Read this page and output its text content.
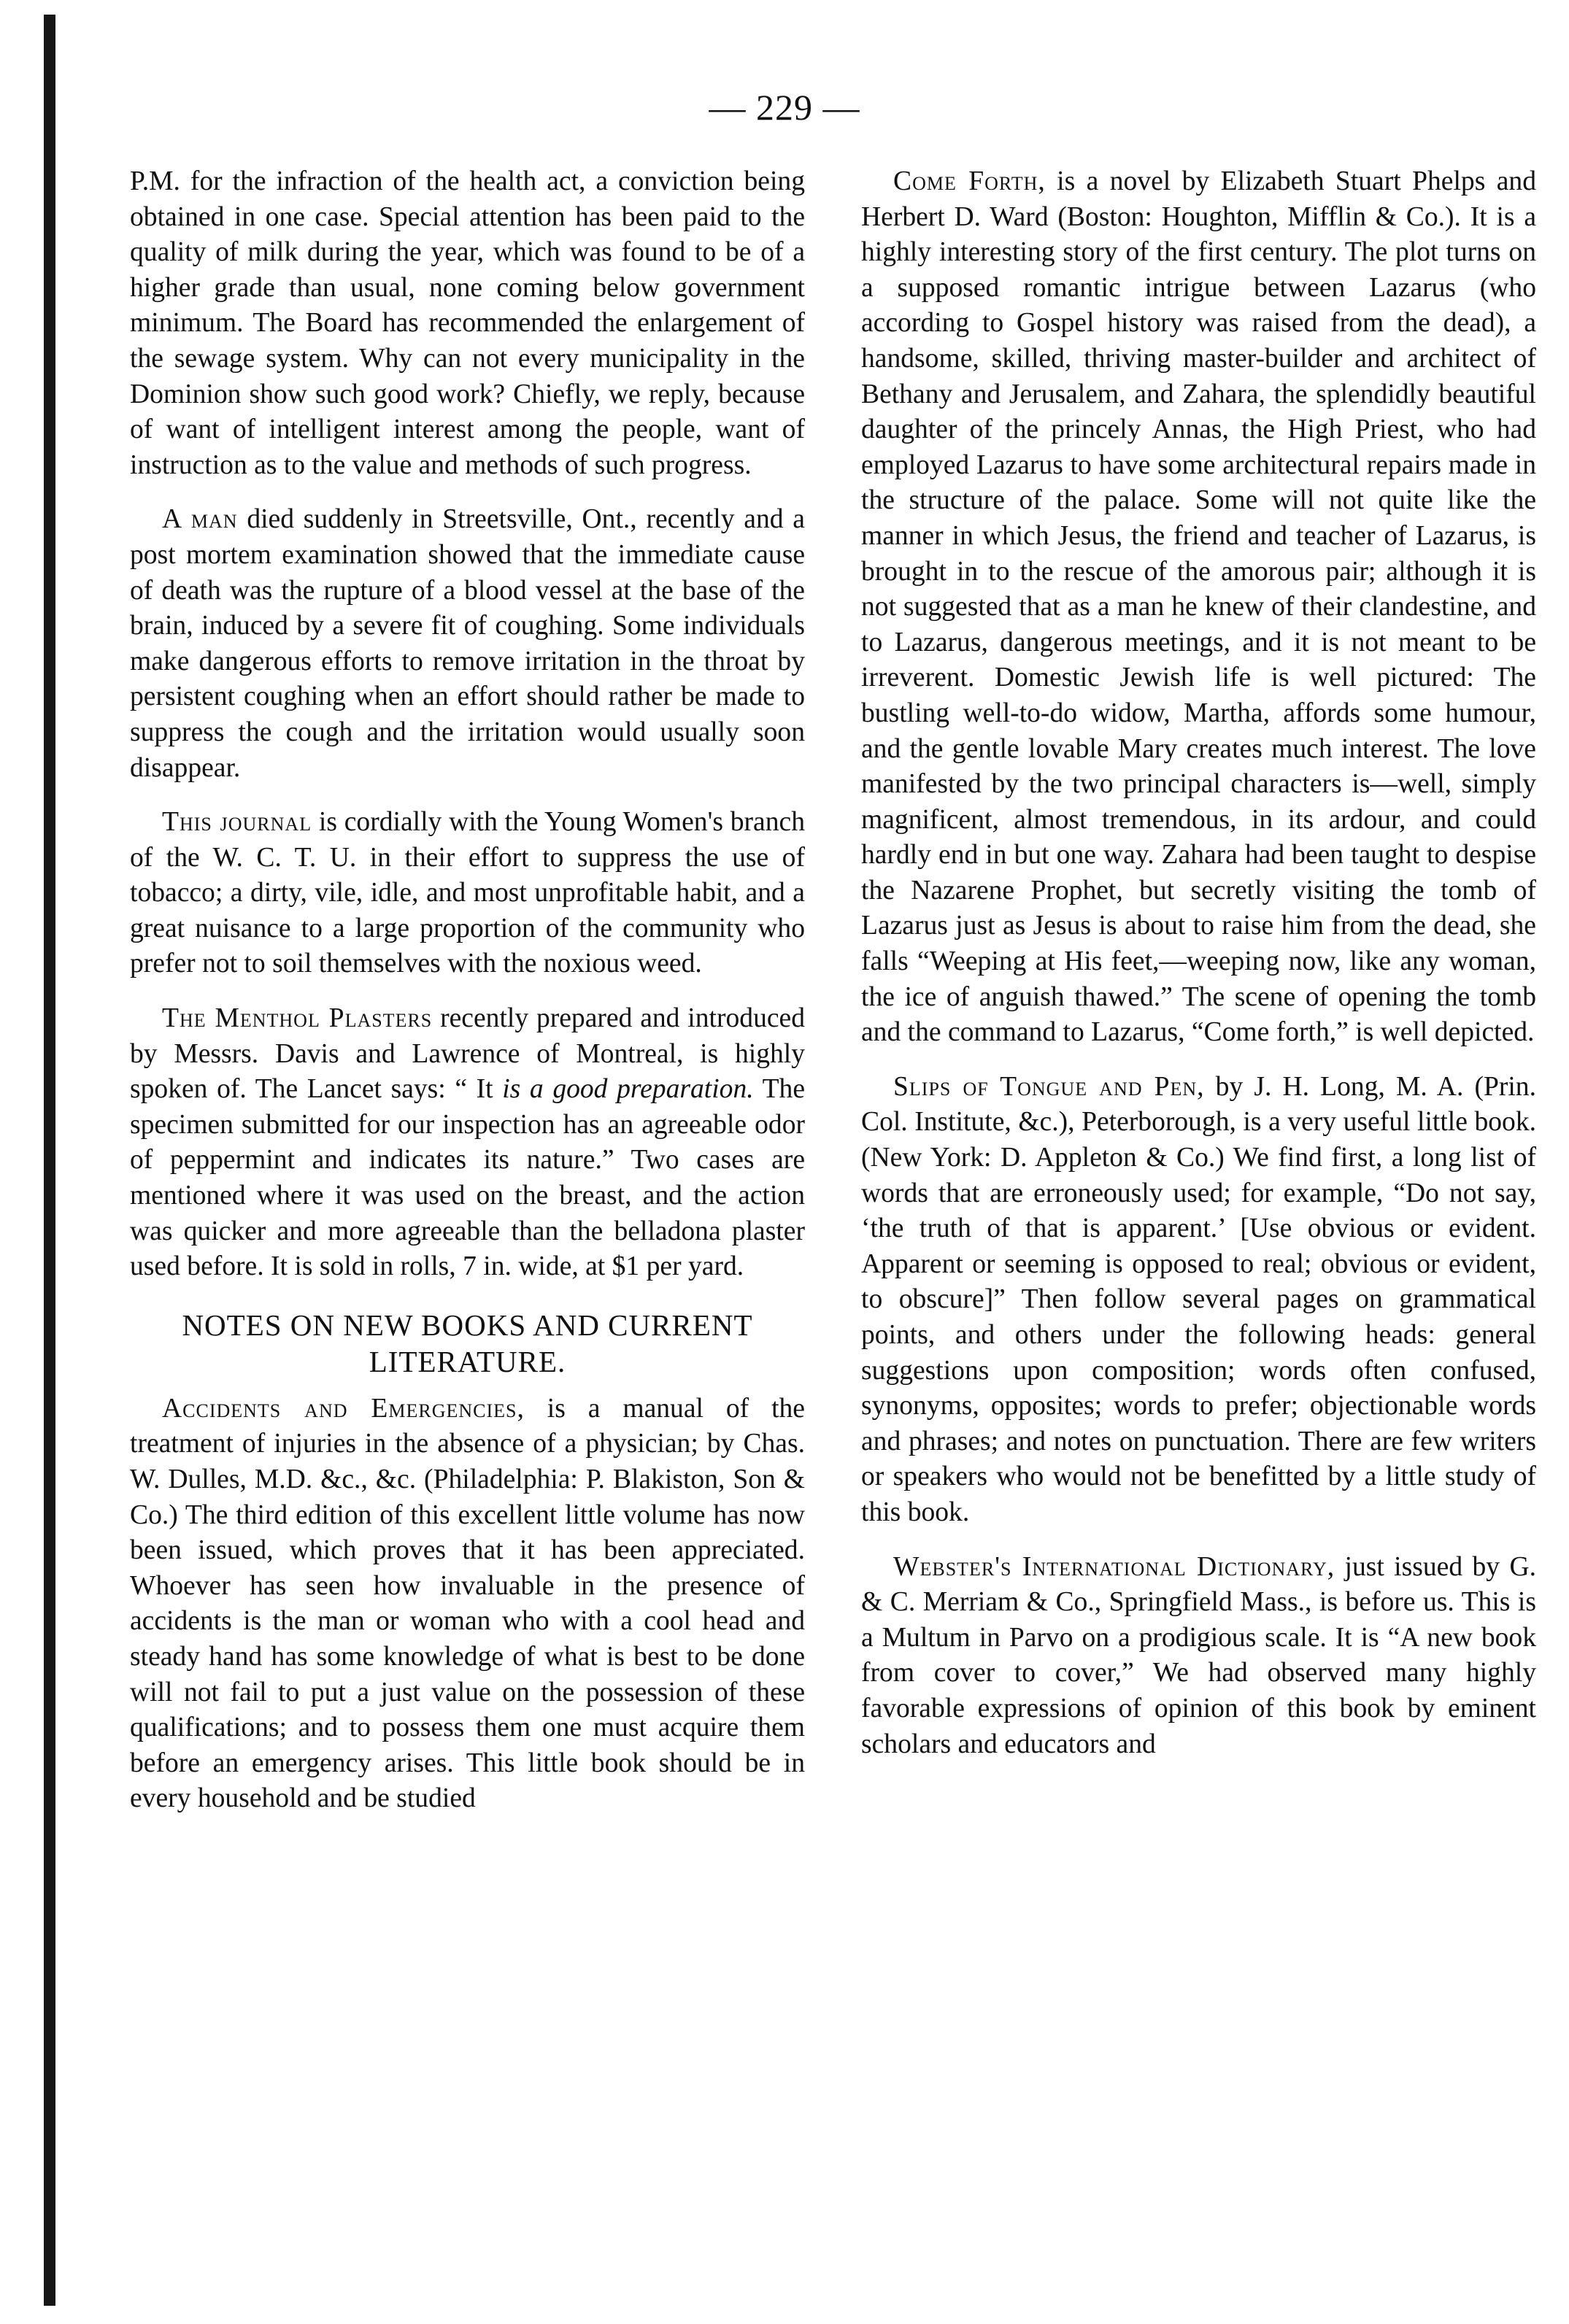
— 229 —

P.M. for the infraction of the health act, a conviction being obtained in one case. Special attention has been paid to the quality of milk during the year, which was found to be of a higher grade than usual, none coming below government minimum. The Board has recommended the enlargement of the sewage system. Why can not every municipality in the Dominion show such good work? Chiefly, we reply, because of want of intelligent interest among the people, want of instruction as to the value and methods of such progress.

A man died suddenly in Streetsville, Ont., recently and a post mortem examination showed that the immediate cause of death was the rupture of a blood vessel at the base of the brain, induced by a severe fit of coughing. Some individuals make dangerous efforts to remove irritation in the throat by persistent coughing when an effort should rather be made to suppress the cough and the irritation would usually soon disappear.

This journal is cordially with the Young Women's branch of the W. C. T. U. in their effort to suppress the use of tobacco; a dirty, vile, idle, and most unprofitable habit, and a great nuisance to a large proportion of the community who prefer not to soil themselves with the noxious weed.

The Menthol Plasters recently prepared and introduced by Messrs. Davis and Lawrence of Montreal, is highly spoken of. The Lancet says: “ It is a good preparation. The specimen submitted for our inspection has an agreeable odor of peppermint and indicates its nature.” Two cases are mentioned where it was used on the breast, and the action was quicker and more agreeable than the belladona plaster used before. It is sold in rolls, 7 in. wide, at $1 per yard.

NOTES ON NEW BOOKS AND CURRENT LITERATURE.

Accidents and Emergencies, is a manual of the treatment of injuries in the absence of a physician; by Chas. W. Dulles, M.D. &c., &c. (Philadelphia: P. Blakiston, Son & Co.) The third edition of this excellent little volume has now been issued, which proves that it has been appreciated. Whoever has seen how invaluable in the presence of accidents is the man or woman who with a cool head and steady hand has some knowledge of what is best to be done will not fail to put a just value on the possession of these qualifications; and to possess them one must acquire them before an emergency arises. This little book should be in every household and be studied

Come Forth, is a novel by Elizabeth Stuart Phelps and Herbert D. Ward (Boston: Houghton, Mifflin & Co.). It is a highly interesting story of the first century. The plot turns on a supposed romantic intrigue between Lazarus (who according to Gospel history was raised from the dead), a handsome, skilled, thriving master-builder and architect of Bethany and Jerusalem, and Zahara, the splendidly beautiful daughter of the princely Annas, the High Priest, who had employed Lazarus to have some architectural repairs made in the structure of the palace. Some will not quite like the manner in which Jesus, the friend and teacher of Lazarus, is brought in to the rescue of the amorous pair; although it is not suggested that as a man he knew of their clandestine, and to Lazarus, dangerous meetings, and it is not meant to be irreverent. Domestic Jewish life is well pictured: The bustling well-to-do widow, Martha, affords some humour, and the gentle lovable Mary creates much interest. The love manifested by the two principal characters is—well, simply magnificent, almost tremendous, in its ardour, and could hardly end in but one way. Zahara had been taught to despise the Nazarene Prophet, but secretly visiting the tomb of Lazarus just as Jesus is about to raise him from the dead, she falls “Weeping at His feet,—weeping now, like any woman, the ice of anguish thawed.” The scene of opening the tomb and the command to Lazarus, “Come forth,” is well depicted.

Slips of Tongue and Pen, by J. H. Long, M. A. (Prin. Col. Institute, &c.), Peterborough, is a very useful little book. (New York: D. Appleton & Co.) We find first, a long list of words that are erroneously used; for example, “Do not say, ‘the truth of that is apparent.’ [Use obvious or evident. Apparent or seeming is opposed to real; obvious or evident, to obscure]” Then follow several pages on grammatical points, and others under the following heads: general suggestions upon composition; words often confused, synonyms, opposites; words to prefer; objectionable words and phrases; and notes on punctuation. There are few writers or speakers who would not be benefitted by a little study of this book.

Webster's International Dictionary, just issued by G. & C. Merriam & Co., Springfield Mass., is before us. This is a Multum in Parvo on a prodigious scale. It is “A new book from cover to cover,” We had observed many highly favorable expressions of opinion of this book by eminent scholars and educators and
